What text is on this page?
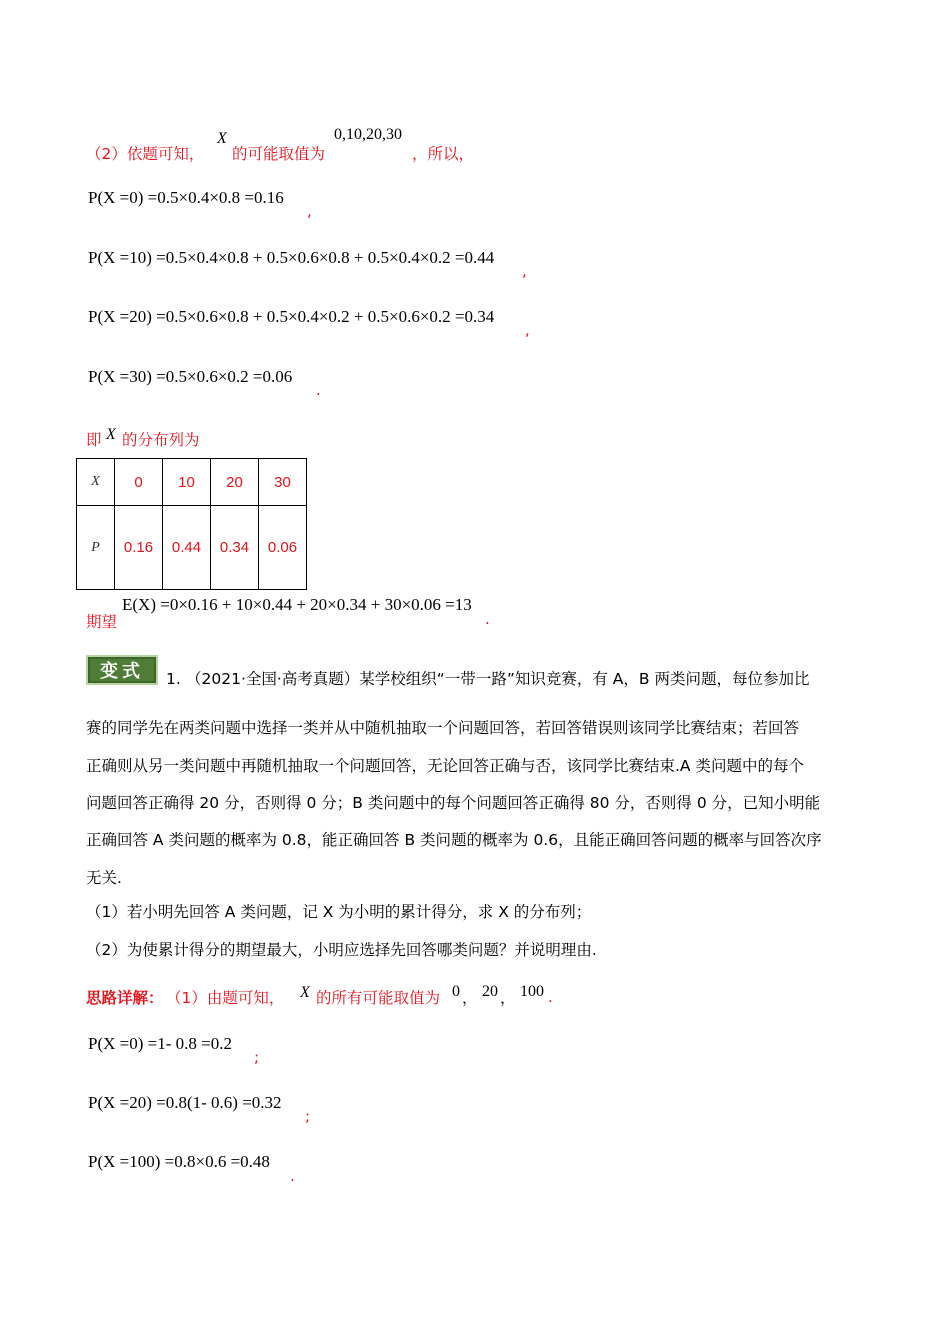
（2）依题可知，
X
的可能取值为
0,10,20,30
，所以，
P(X =0) =0.5×0.4×0.8 =0.16
,
P(X =10) =0.5×0.4×0.8 + 0.5×0.6×0.8 + 0.5×0.4×0.2 =0.44
,
P(X =20) =0.5×0.6×0.8 + 0.5×0.4×0.2 + 0.5×0.6×0.2 =0.34
,
P(X =30) =0.5×0.6×0.2 =0.06
.
即 X 的分布列为
X	0	10	20	30
P	0.16	0.44	0.34	0.06
期望
E(X) =0×0.16 + 10×0.44 + 20×0.34 + 30×0.06 =13
.
变式 1. （2021·全国·高考真题）某学校组织“一带一路”知识竞赛，有 A，B 两类问题，每位参加比
赛的同学先在两类问题中选择一类并从中随机抽取一个问题回答，若回答错误则该同学比赛结束；若回答
正确则从另一类问题中再随机抽取一个问题回答，无论回答正确与否，该同学比赛结束.A 类问题中的每个
问题回答正确得 20 分，否则得 0 分；B 类问题中的每个问题回答正确得 80 分，否则得 0 分，已知小明能
正确回答 A 类问题的概率为 0.8，能正确回答 B 类问题的概率为 0.6，且能正确回答问题的概率与回答次序
无关.
（1）若小明先回答 A 类问题，记 X 为小明的累计得分，求 X 的分布列；
（2）为使累计得分的期望最大，小明应选择先回答哪类问题？并说明理由.
思路详解： （1）由题可知， X 的所有可能取值为 0 ， 20 ， 100 .
P(X =0) =1- 0.8 =0.2
;
P(X =20) =0.8(1- 0.6) =0.32
;
P(X =100) =0.8×0.6 =0.48
.
